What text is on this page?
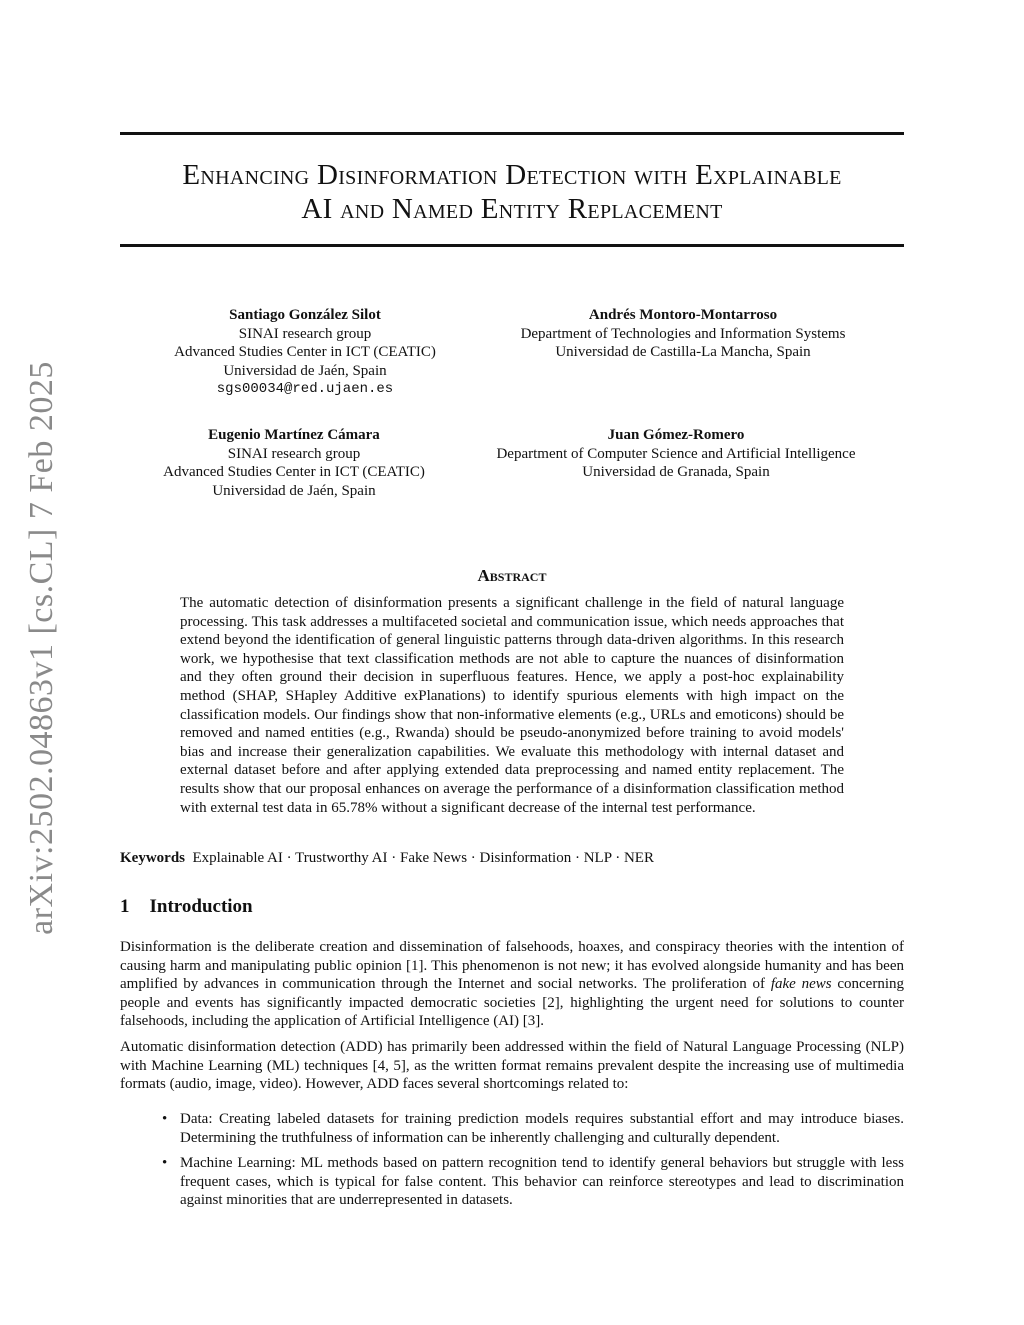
arXiv:2502.04863v1 [cs.CL] 7 Feb 2025
Enhancing Disinformation Detection with Explainable
AI and Named Entity Replacement
Santiago González Silot
SINAI research group
Advanced Studies Center in ICT (CEATIC)
Universidad de Jaén, Spain
sgs00034@red.ujaen.es
Andrés Montoro-Montarroso
Department of Technologies and Information Systems
Universidad de Castilla-La Mancha, Spain
Eugenio Martínez Cámara
SINAI research group
Advanced Studies Center in ICT (CEATIC)
Universidad de Jaén, Spain
Juan Gómez-Romero
Department of Computer Science and Artificial Intelligence
Universidad de Granada, Spain
Abstract
The automatic detection of disinformation presents a significant challenge in the field of natural language processing. This task addresses a multifaceted societal and communication issue, which needs approaches that extend beyond the identification of general linguistic patterns through data-driven algorithms. In this research work, we hypothesise that text classification methods are not able to capture the nuances of disinformation and they often ground their decision in superfluous features. Hence, we apply a post-hoc explainability method (SHAP, SHapley Additive exPlanations) to identify spurious elements with high impact on the classification models. Our findings show that non-informative elements (e.g., URLs and emoticons) should be removed and named entities (e.g., Rwanda) should be pseudo-anonymized before training to avoid models' bias and increase their generalization capabilities. We evaluate this methodology with internal dataset and external dataset before and after applying extended data preprocessing and named entity replacement. The results show that our proposal enhances on average the performance of a disinformation classification method with external test data in 65.78% without a significant decrease of the internal test performance.
Keywords Explainable AI · Trustworthy AI · Fake News · Disinformation · NLP · NER
1 Introduction
Disinformation is the deliberate creation and dissemination of falsehoods, hoaxes, and conspiracy theories with the intention of causing harm and manipulating public opinion [1]. This phenomenon is not new; it has evolved alongside humanity and has been amplified by advances in communication through the Internet and social networks. The proliferation of fake news concerning people and events has significantly impacted democratic societies [2], highlighting the urgent need for solutions to counter falsehoods, including the application of Artificial Intelligence (AI) [3].
Automatic disinformation detection (ADD) has primarily been addressed within the field of Natural Language Processing (NLP) with Machine Learning (ML) techniques [4, 5], as the written format remains prevalent despite the increasing use of multimedia formats (audio, image, video). However, ADD faces several shortcomings related to:
• Data: Creating labeled datasets for training prediction models requires substantial effort and may introduce biases. Determining the truthfulness of information can be inherently challenging and culturally dependent.
• Machine Learning: ML methods based on pattern recognition tend to identify general behaviors but struggle with less frequent cases, which is typical for false content. This behavior can reinforce stereotypes and lead to discrimination against minorities that are underrepresented in datasets.
